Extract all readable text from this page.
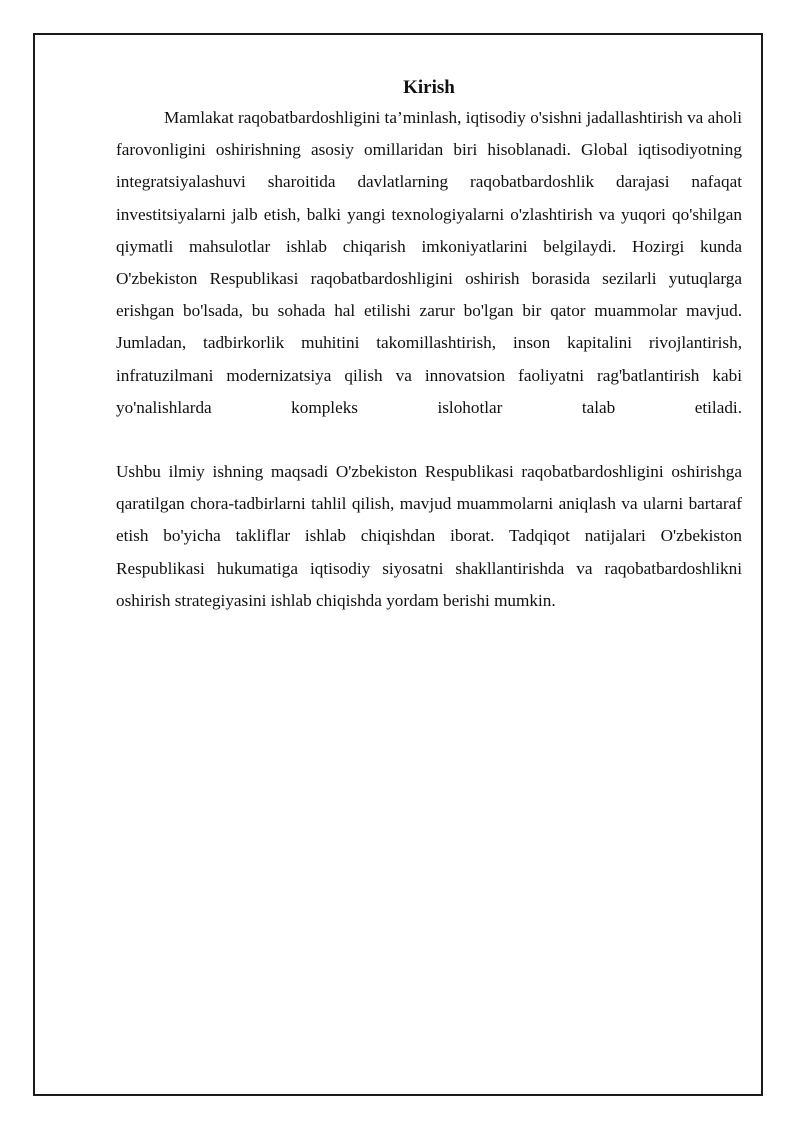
Kirish

Mamlakat raqobatbardoshligini ta’minlash, iqtisodiy o'sishni jadallashtirish va aholi farovonligini oshirishning asosiy omillaridan biri hisoblanadi. Global iqtisodiyotning integratsiyalashuvi sharoitida davlatlarning raqobatbardoshlik darajasi nafaqat investitsiyalarni jalb etish, balki yangi texnologiyalarni o'zlashtirish va yuqori qo'shilgan qiymatli mahsulotlar ishlab chiqarish imkoniyatlarini belgilaydi. Hozirgi kunda O'zbekiston Respublikasi raqobatbardoshligini oshirish borasida sezilarli yutuqlarga erishgan bo'lsada, bu sohada hal etilishi zarur bo'lgan bir qator muammolar mavjud. Jumladan, tadbirkorlik muhitini takomillashtirish, inson kapitalini rivojlantirish, infratuzilmani modernizatsiya qilish va innovatsion faoliyatni rag'batlantirish kabi yo'nalishlarda kompleks islohotlar talab etiladi.

Ushbu ilmiy ishning maqsadi O'zbekiston Respublikasi raqobatbardoshligini oshirishga qaratilgan chora-tadbirlarni tahlil qilish, mavjud muammolarni aniqlash va ularni bartaraf etish bo'yicha takliflar ishlab chiqishdan iborat. Tadqiqot natijalari O'zbekiston Respublikasi hukumatiga iqtisodiy siyosatni shakllantirishda va raqobatbardoshlikni oshirish strategiyasini ishlab chiqishda yordam berishi mumkin.
